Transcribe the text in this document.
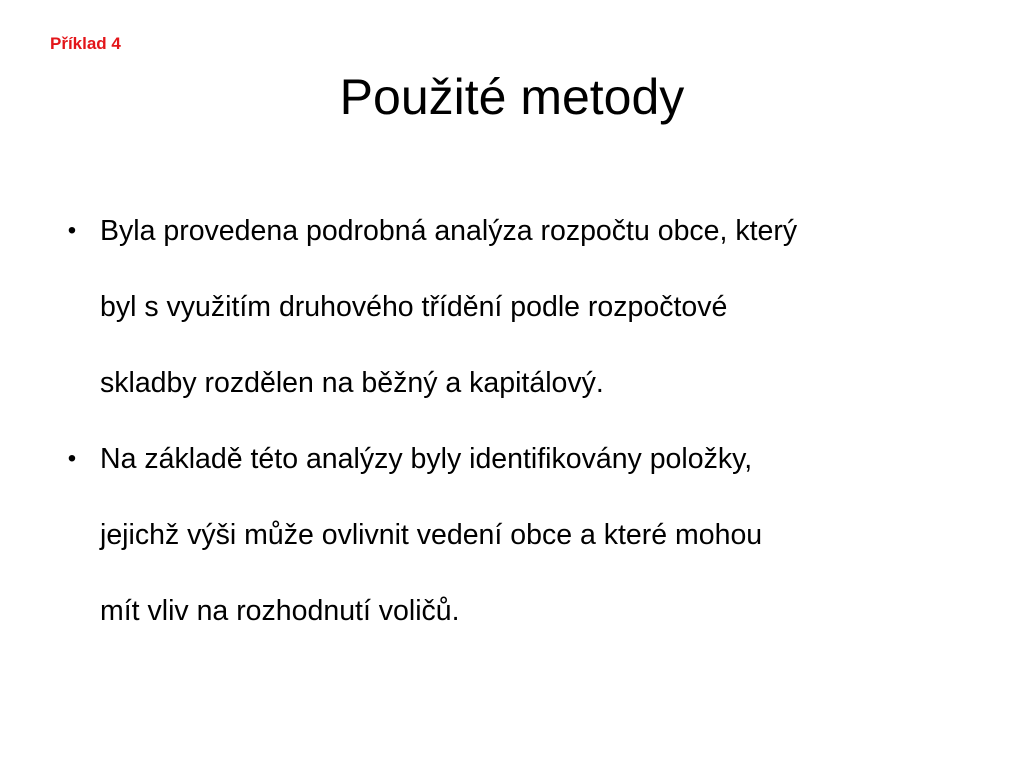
Příklad 4
Použité metody
• Byla provedena podrobná analýza rozpočtu obce, který
byl s využitím druhového třídění podle rozpočtové
skladby rozdělen na běžný a kapitálový.
• Na základě této analýzy byly identifikovány položky,
jejichž výši může ovlivnit vedení obce a které mohou
mít vliv na rozhodnutí voličů.
